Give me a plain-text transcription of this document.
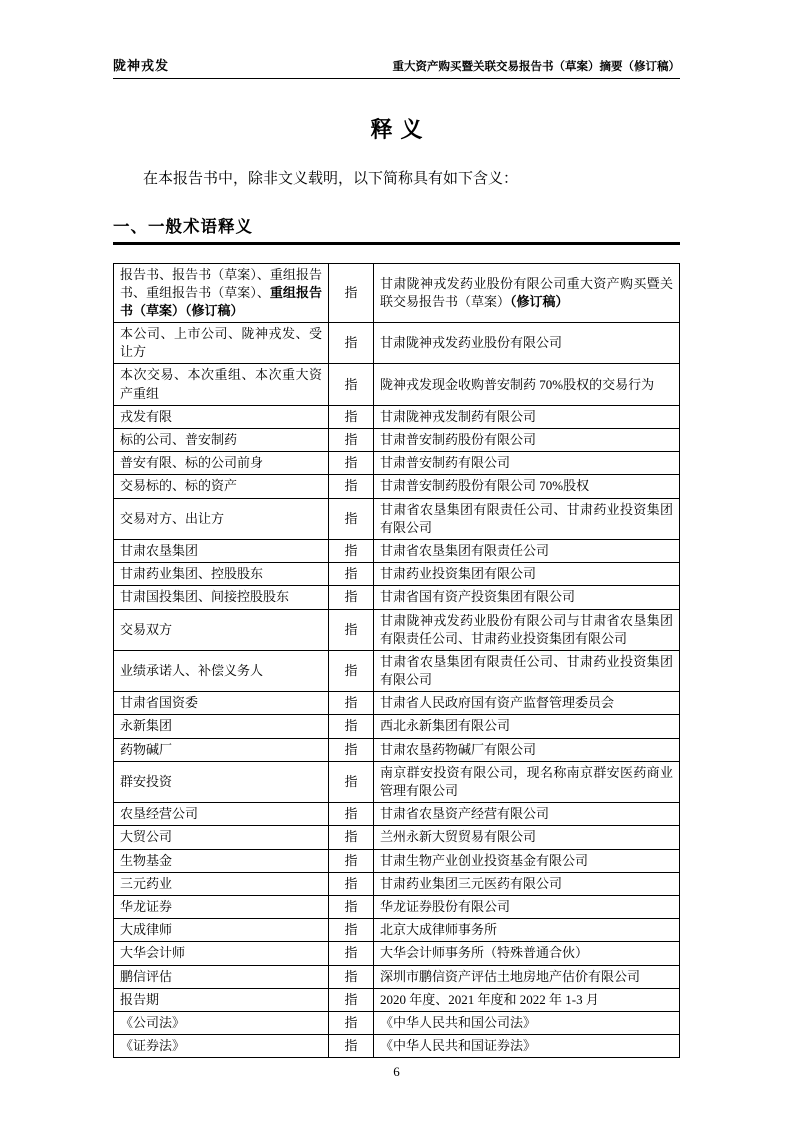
陇神戎发	重大资产购买暨关联交易报告书（草案）摘要（修订稿）
释义

在本报告书中，除非文义载明，以下简称具有如下含义：

一、一般术语释义
报告书、报告书（草案）、重组报告书、重组报告书（草案）、重组报告书（草案）（修订稿）	指	甘肃陇神戎发药业股份有限公司重大资产购买暨关联交易报告书（草案）（修订稿）
本公司、上市公司、陇神戎发、受让方	指	甘肃陇神戎发药业股份有限公司
本次交易、本次重组、本次重大资产重组	指	陇神戎发现金收购普安制药 70%股权的交易行为
戎发有限	指	甘肃陇神戎发制药有限公司
标的公司、普安制药	指	甘肃普安制药股份有限公司
普安有限、标的公司前身	指	甘肃普安制药有限公司
交易标的、标的资产	指	甘肃普安制药股份有限公司 70%股权
交易对方、出让方	指	甘肃省农垦集团有限责任公司、甘肃药业投资集团有限公司
甘肃农垦集团	指	甘肃省农垦集团有限责任公司
甘肃药业集团、控股股东	指	甘肃药业投资集团有限公司
甘肃国投集团、间接控股股东	指	甘肃省国有资产投资集团有限公司
交易双方	指	甘肃陇神戎发药业股份有限公司与甘肃省农垦集团有限责任公司、甘肃药业投资集团有限公司
业绩承诺人、补偿义务人	指	甘肃省农垦集团有限责任公司、甘肃药业投资集团有限公司
甘肃省国资委	指	甘肃省人民政府国有资产监督管理委员会
永新集团	指	西北永新集团有限公司
药物碱厂	指	甘肃农垦药物碱厂有限公司
群安投资	指	南京群安投资有限公司，现名称南京群安医药商业管理有限公司
农垦经营公司	指	甘肃省农垦资产经营有限公司
大贸公司	指	兰州永新大贸贸易有限公司
生物基金	指	甘肃生物产业创业投资基金有限公司
三元药业	指	甘肃药业集团三元医药有限公司
华龙证券	指	华龙证券股份有限公司
大成律师	指	北京大成律师事务所
大华会计师	指	大华会计师事务所（特殊普通合伙）
鹏信评估	指	深圳市鹏信资产评估土地房地产估价有限公司
报告期	指	2020 年度、2021 年度和 2022 年 1-3 月
《公司法》	指	《中华人民共和国公司法》
《证券法》	指	《中华人民共和国证券法》
6
